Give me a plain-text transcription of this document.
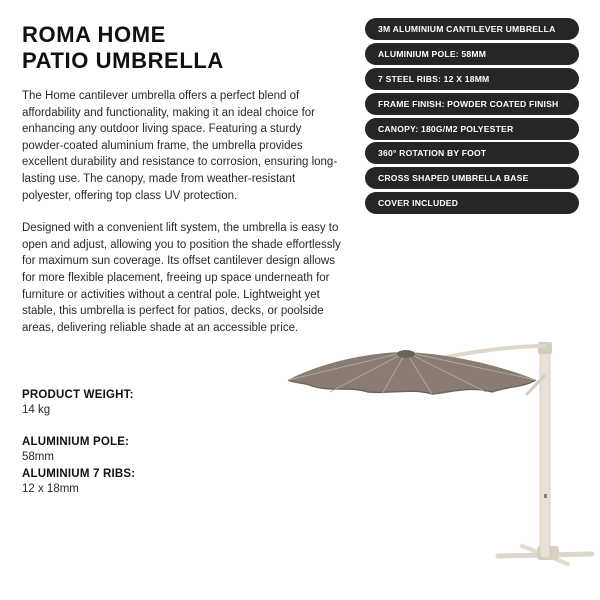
ROMA HOME
PATIO UMBRELLA

The Home cantilever umbrella offers a perfect blend of affordability and functionality, making it an ideal choice for enhancing any outdoor living space. Featuring a sturdy powder-coated aluminium frame, the umbrella provides excellent durability and resistance to corrosion, ensuring long-lasting use. The canopy, made from weather-resistant polyester, offering top class UV protection.

Designed with a convenient lift system, the umbrella is easy to open and adjust, allowing you to position the shade effortlessly for maximum sun coverage. Its offset cantilever design allows for more flexible placement, freeing up space underneath for furniture or activities without a central pole. Lightweight yet stable, this umbrella is perfect for patios, decks, or poolside areas, delivering reliable shade at an accessible price.

PRODUCT WEIGHT:
14 kg
ALUMINIUM POLE:
58mm
ALUMINIUM 7 RIBS:
12 x 18mm
3M ALUMINIUM CANTILEVER UMBRELLA
ALUMINIUM POLE: 58MM
7 STEEL RIBS: 12 X 18MM
FRAME FINISH: POWDER COATED FINISH
CANOPY: 180G/M2 POLYESTER
360° ROTATION BY FOOT
CROSS SHAPED UMBRELLA BASE
COVER INCLUDED
